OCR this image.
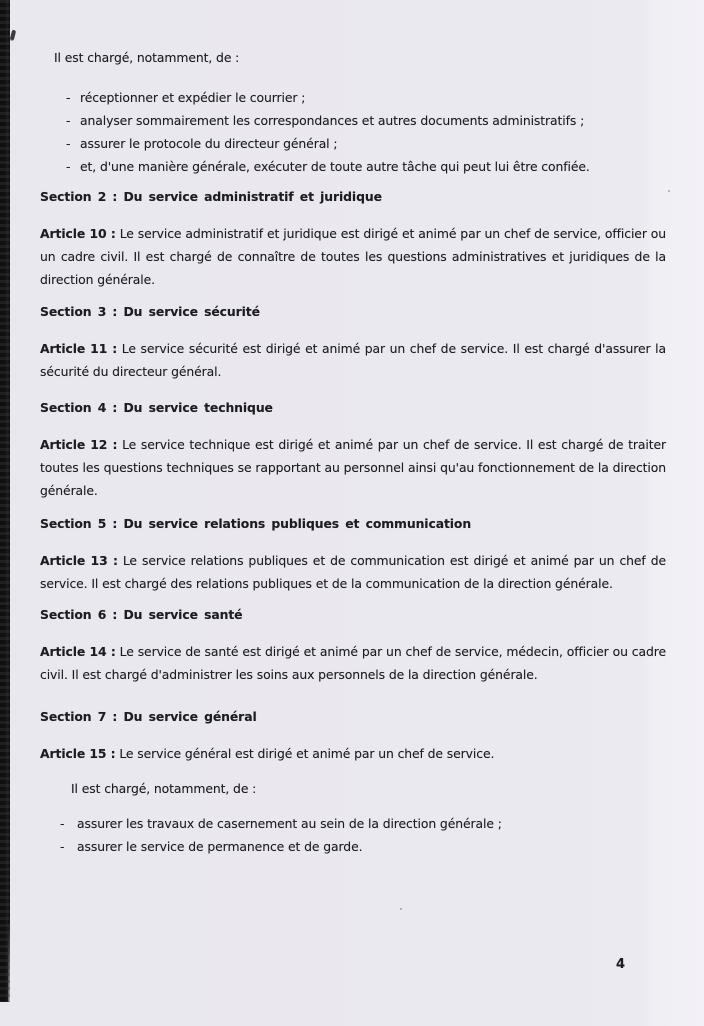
Il est chargé, notamment, de :

- réceptionner et expédier le courrier ;
- analyser sommairement les correspondances et autres documents administratifs ;
- assurer le protocole du directeur général ;
- et, d'une manière générale, exécuter de toute autre tâche qui peut lui être confiée.

Section 2 : Du service administratif et juridique

Article 10 : Le service administratif et juridique est dirigé et animé par un chef de service, officier ou un cadre civil. Il est chargé de connaître de toutes les questions administratives et juridiques de la direction générale.

Section 3 : Du service sécurité

Article 11 : Le service sécurité est dirigé et animé par un chef de service. Il est chargé d'assurer la sécurité du directeur général.

Section 4 : Du service technique

Article 12 : Le service technique est dirigé et animé par un chef de service. Il est chargé de traiter toutes les questions techniques se rapportant au personnel ainsi qu'au fonctionnement de la direction générale.

Section 5 : Du service relations publiques et communication

Article 13 : Le service relations publiques et de communication est dirigé et animé par un chef de service. Il est chargé des relations publiques et de la communication de la direction générale.

Section 6 : Du service santé

Article 14 : Le service de santé est dirigé et animé par un chef de service, médecin, officier ou cadre civil. Il est chargé d'administrer les soins aux personnels de la direction générale.

Section 7 : Du service général

Article 15 : Le service général est dirigé et animé par un chef de service.

Il est chargé, notamment, de :

-	assurer les travaux de casernement au sein de la direction générale ;
-	assurer le service de permanence et de garde.
4
